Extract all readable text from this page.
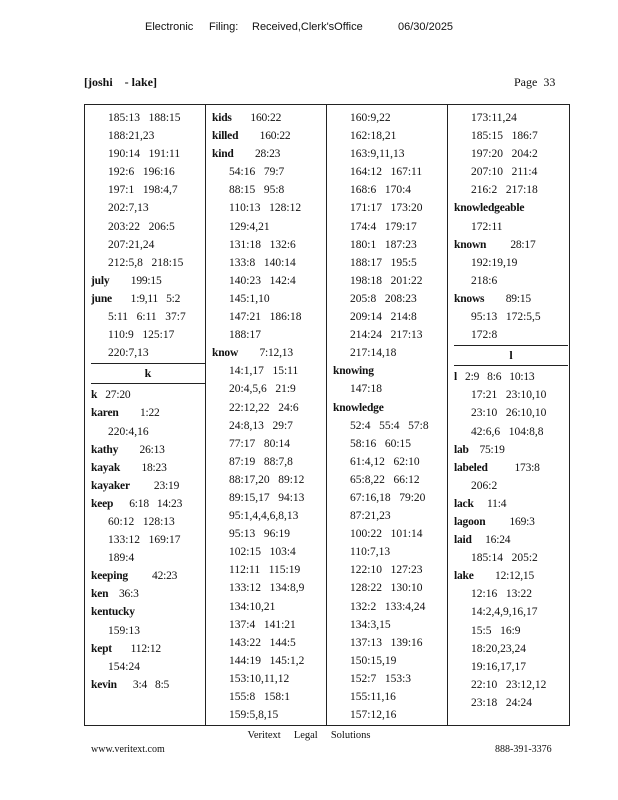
Electronic Filing: Received,Clerk'sOffice	06/30/2025
[joshi    - lake]	Page  33
185:13   188:15
188:21,23
190:14   191:11
192:6   196:16
197:1   198:4,7
202:7,13
203:22   206:5
207:21,24
212:5,8   218:15
july        199:15
june       1:9,11   5:2
5:11   6:11   37:7
110:9   125:17
220:7,13
k
k   27:20
karen        1:22
220:4,16
kathy        26:13
kayak        18:23
kayaker         23:19
keep      6:18   14:23
60:12   128:13
133:12   169:17
189:4
keeping         42:23
ken    36:3
kentucky
159:13
kept       112:12
154:24
kevin      3:4   8:5
kids       160:22
killed        160:22
kind        28:23
54:16   79:7
88:15   95:8
110:13   128:12
129:4,21
131:18   132:6
133:8   140:14
140:23   142:4
145:1,10
147:21   186:18
188:17
know        7:12,13
14:1,17   15:11
20:4,5,6   21:9
22:12,22   24:6
24:8,13   29:7
77:17   80:14
87:19   88:7,8
88:17,20   89:12
89:15,17   94:13
95:1,4,4,6,8,13
95:13   96:19
102:15   103:4
112:11   115:19
133:12   134:8,9
134:10,21
137:4   141:21
143:22   144:5
144:19   145:1,2
153:10,11,12
155:8   158:1
159:5,8,15
160:9,22
162:18,21
163:9,11,13
164:12   167:11
168:6   170:4
171:17   173:20
174:4   179:17
180:1   187:23
188:17   195:5
198:18   201:22
205:8   208:23
209:14   214:8
214:24   217:13
217:14,18
knowing
147:18
knowledge
52:4   55:4   57:8
58:16   60:15
61:4,12   62:10
65:8,22   66:12
67:16,18   79:20
87:21,23
100:22   101:14
110:7,13
122:10   127:23
128:22   130:10
132:2   133:4,24
134:3,15
137:13   139:16
150:15,19
152:7   153:3
155:11,16
157:12,16
173:11,24
185:15   186:7
197:20   204:2
207:10   211:4
216:2   217:18
knowledgeable
172:11
known         28:17
192:19,19
218:6
knows        89:15
95:13   172:5,5
172:8
l
l   2:9   8:6   10:13
17:21   23:10,10
23:10   26:10,10
42:6,6   104:8,8
lab    75:19
labeled          173:8
206:2
lack     11:4
lagoon         169:3
laid     16:24
185:14   205:2
lake        12:12,15
12:16   13:22
14:2,4,9,16,17
15:5   16:9
18:20,23,24
19:16,17,17
22:10   23:12,12
23:18   24:24
Veritext     Legal     Solutions
www.veritext.com	888-391-3376
